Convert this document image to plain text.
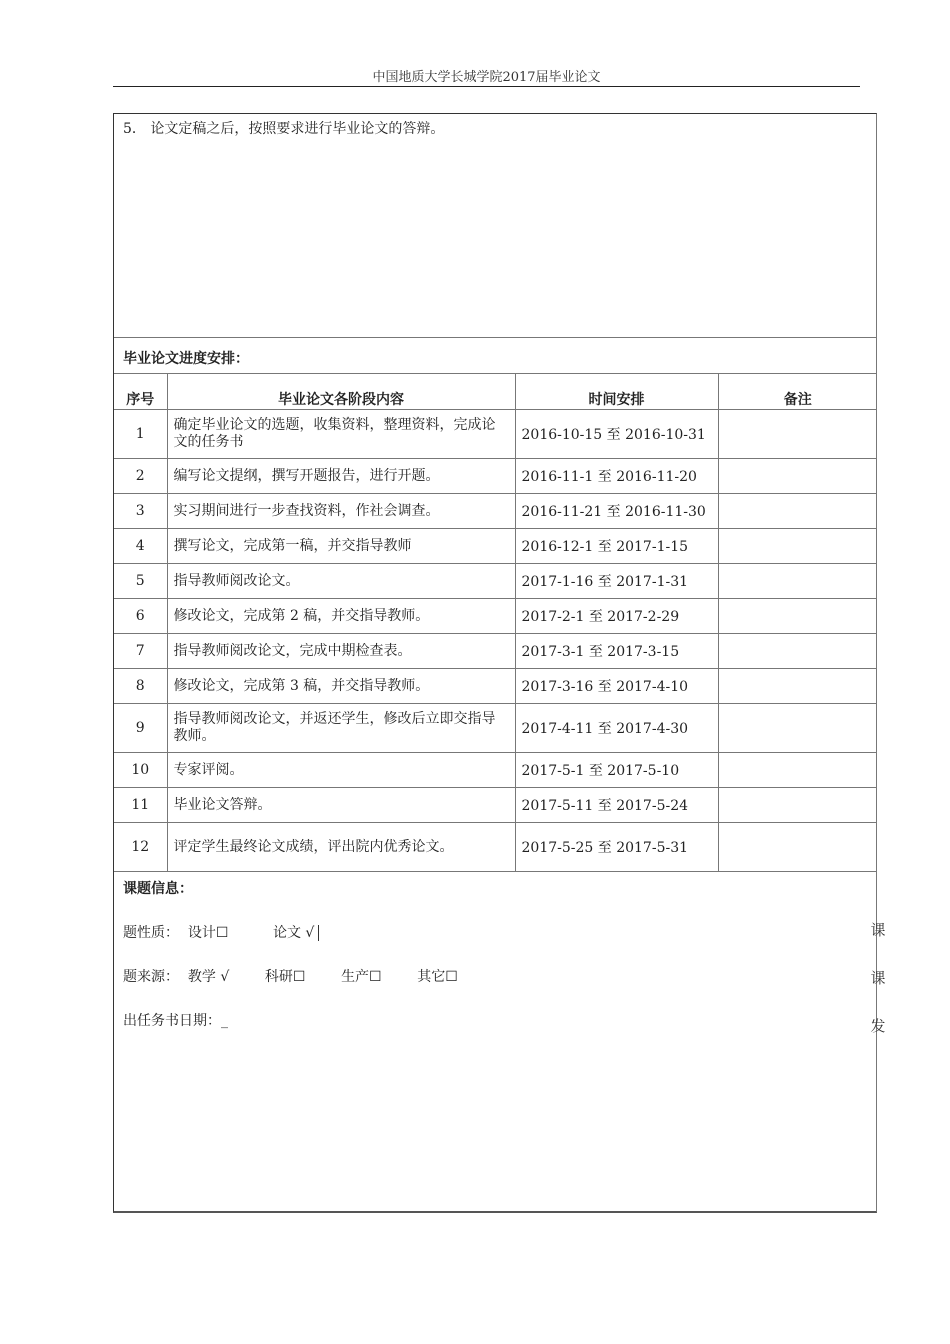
中国地质大学长城学院2017届毕业论文
5． 论文定稿之后，按照要求进行毕业论文的答辩。
毕业论文进度安排：
序号	毕业论文各阶段内容	时间安排	备注
1	确定毕业论文的选题，收集资料，整理资料，完成论文的任务书	2016-10-15 至 2016-10-31	
2	编写论文提纲，撰写开题报告，进行开题。	2016-11-1 至 2016-11-20	
3	实习期间进行一步查找资料，作社会调查。	2016-11-21 至 2016-11-30	
4	撰写论文，完成第一稿，并交指导教师	2016-12-1 至 2017-1-15	
5	指导教师阅改论文。	2017-1-16 至 2017-1-31	
6	修改论文，完成第 2 稿，并交指导教师。	2017-2-1 至 2017-2-29	
7	指导教师阅改论文，完成中期检查表。	2017-3-1 至 2017-3-15	
8	修改论文，完成第 3 稿，并交指导教师。	2017-3-16 至 2017-4-10	
9	指导教师阅改论文，并返还学生，修改后立即交指导教师。	2017-4-11 至 2017-4-30	
10	专家评阅。	2017-5-1 至 2017-5-10	
11	毕业论文答辩。	2017-5-11 至 2017-5-24	
12	评定学生最终论文成绩，评出院内优秀论文。	2017-5-25 至 2017-5-31	
课题信息：
题性质： 设计☐	论文 √
题来源： 教学 √	科研☐	生产☐	其它☐
出任务书日期：_
课
课
发
